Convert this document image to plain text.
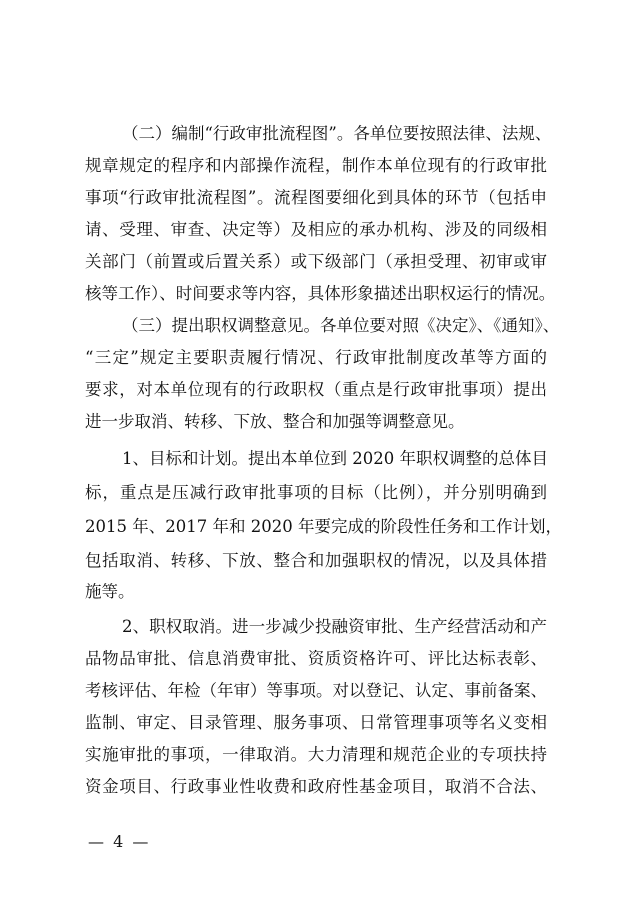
（二）编制“行政审批流程图”。各单位要按照法律、法规、
规章规定的程序和内部操作流程，制作本单位现有的行政审批
事项“行政审批流程图”。流程图要细化到具体的环节（包括申
请、受理、审查、决定等）及相应的承办机构、涉及的同级相
关部门（前置或后置关系）或下级部门（承担受理、初审或审
核等工作）、时间要求等内容，具体形象描述出职权运行的情况。
（三）提出职权调整意见。各单位要对照《决定》、《通知》、
“三定”规定主要职责履行情况、行政审批制度改革等方面的
要求，对本单位现有的行政职权（重点是行政审批事项）提出
进一步取消、转移、下放、整合和加强等调整意见。
1、目标和计划。提出本单位到 2020 年职权调整的总体目
标，重点是压减行政审批事项的目标（比例），并分别明确到
2015 年、2017 年和 2020 年要完成的阶段性任务和工作计划，
包括取消、转移、下放、整合和加强职权的情况，以及具体措
施等。
2、职权取消。进一步减少投融资审批、生产经营活动和产
品物品审批、信息消费审批、资质资格许可、评比达标表彰、
考核评估、年检（年审）等事项。对以登记、认定、事前备案、
监制、审定、目录管理、服务事项、日常管理事项等名义变相
实施审批的事项，一律取消。大力清理和规范企业的专项扶持
资金项目、行政事业性收费和政府性基金项目，取消不合法、
— 4 —
